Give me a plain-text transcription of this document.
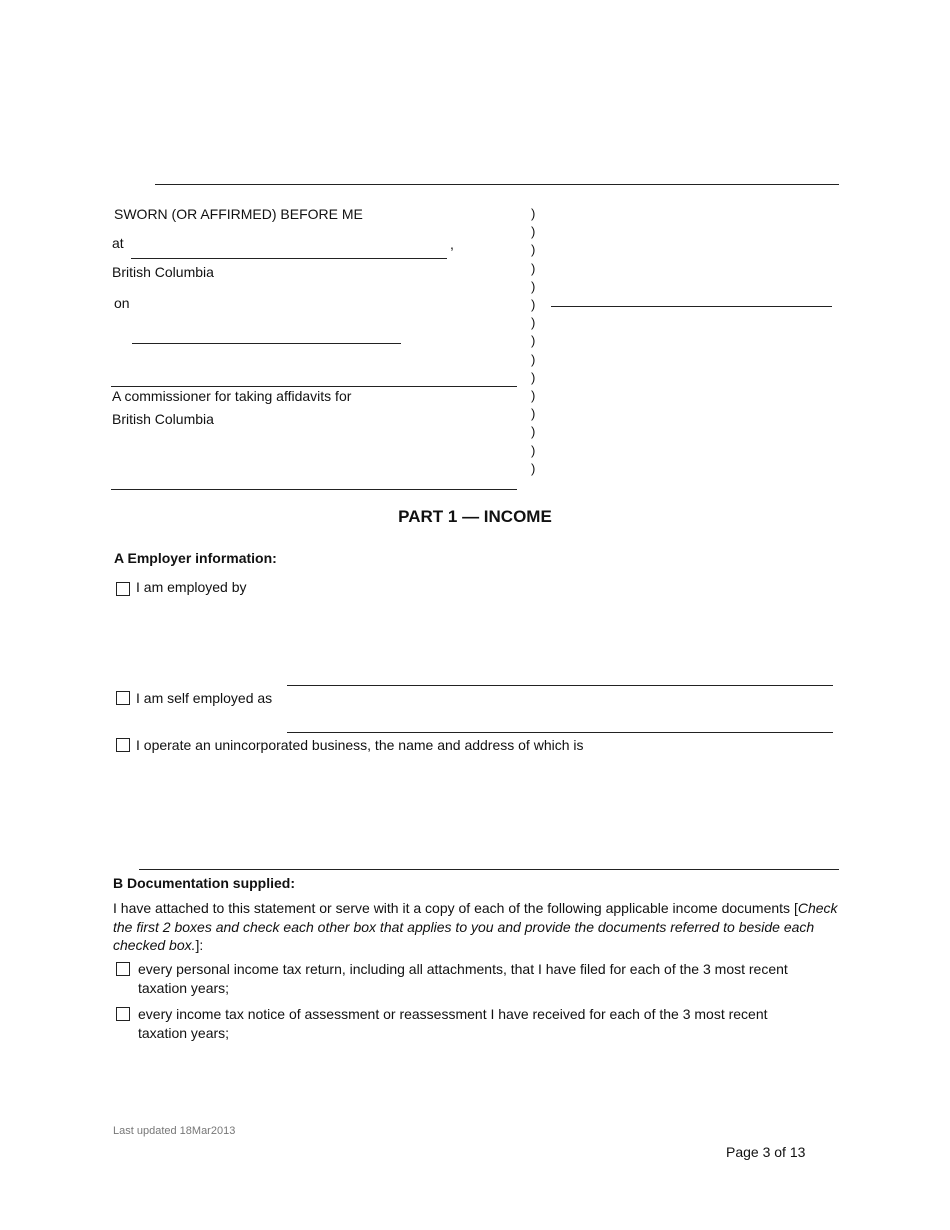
SWORN (OR AFFIRMED) BEFORE ME
at	,
British Columbia
on
A commissioner for taking affidavits for
British Columbia
)
)
)
)
)
)
)
)
)
)
)
)
)
)
)
PART 1 — INCOME
A Employer information:
I am employed by
I am self employed as
I operate an unincorporated business, the name and address of which is
B Documentation supplied:
I have attached to this statement or serve with it a copy of each of the following applicable income documents [Check the first 2 boxes and check each other box that applies to you and provide the documents referred to beside each checked box.]:
every personal income tax return, including all attachments, that I have filed for each of the 3 most recent
taxation years;
every income tax notice of assessment or reassessment I have received for each of the 3 most recent
taxation years;
Last updated 18Mar2013
Page 3 of 13
